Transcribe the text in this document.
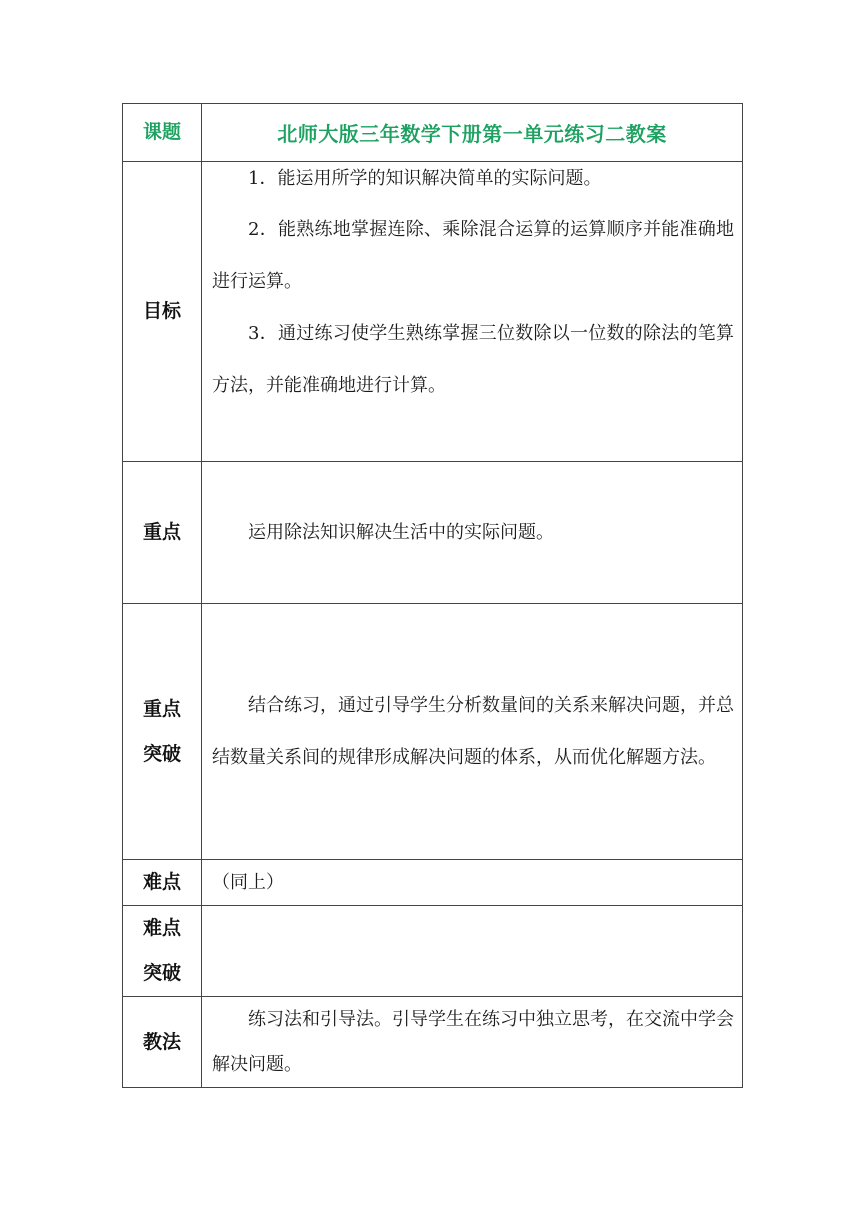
课题	北师大版三年数学下册第一单元练习二教案

目标	1．能运用所学的知识解决简单的实际问题。

2．能熟练地掌握连除、乘除混合运算的运算顺序并能准确地进行运算。

3．通过练习使学生熟练掌握三位数除以一位数的除法的笔算方法，并能准确地进行计算。

重点	运用除法知识解决生活中的实际问题。

重点
突破	结合练习，通过引导学生分析数量间的关系来解决问题，并总结数量关系间的规律形成解决问题的体系，从而优化解题方法。

难点	（同上）

难点
突破	

教法	练习法和引导法。引导学生在练习中独立思考，在交流中学会解决问题。
